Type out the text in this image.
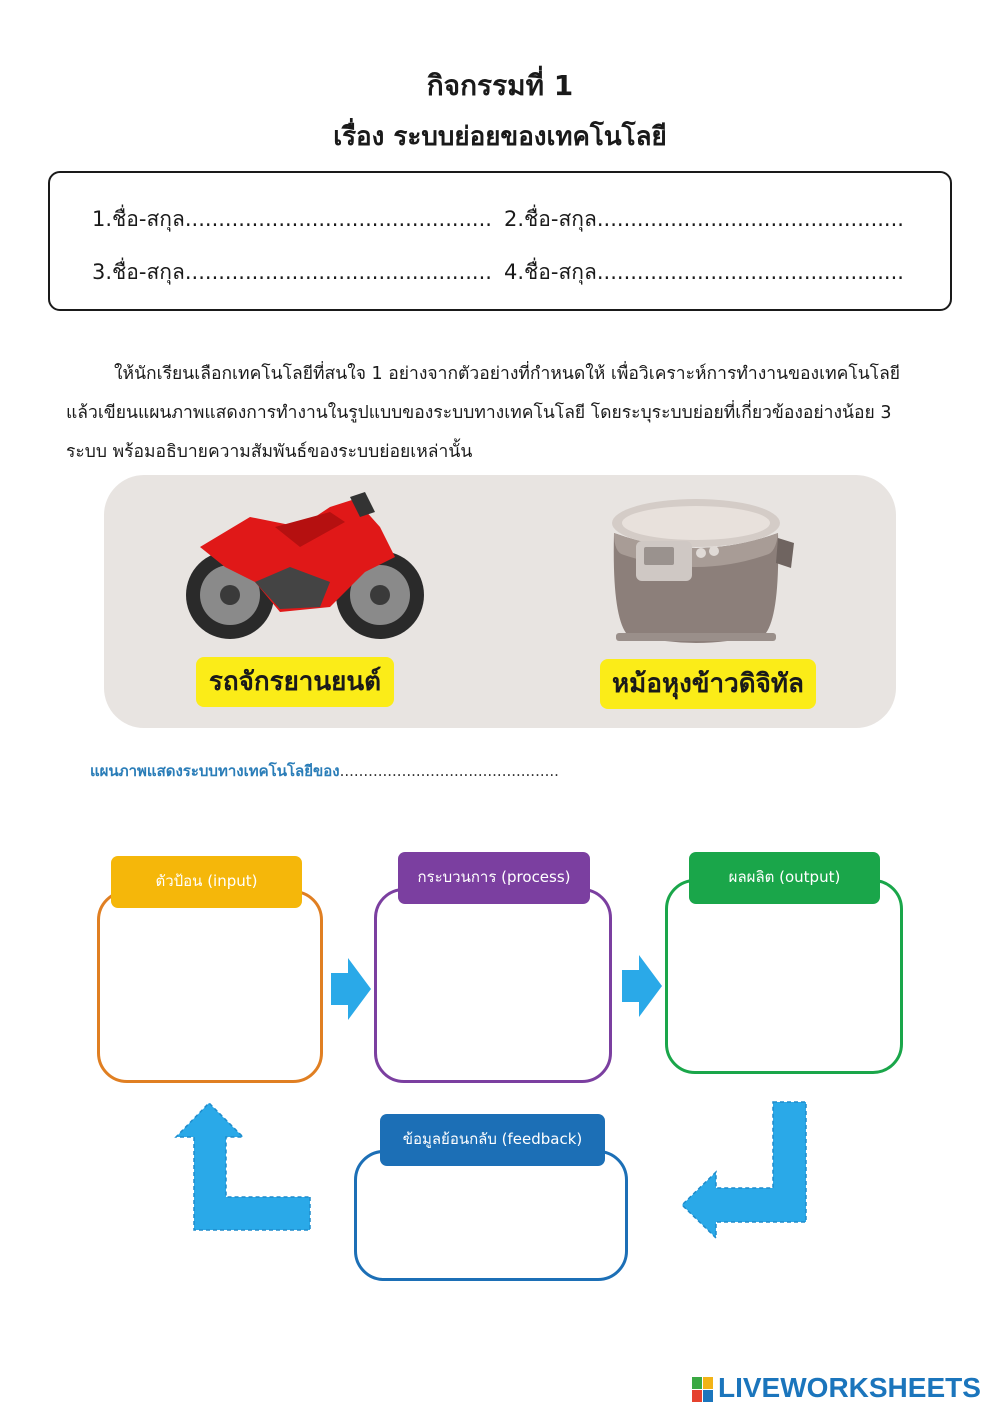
กิจกรรมที่ 1
เรื่อง ระบบย่อยของเทคโนโลยี
1.ชื่อ-สกุล.............................................. 2.ชื่อ-สกุล..............................................
3.ชื่อ-สกุล.............................................. 4.ชื่อ-สกุล..............................................
ให้นักเรียนเลือกเทคโนโลยีที่สนใจ 1 อย่างจากตัวอย่างที่กำหนดให้ เพื่อวิเคราะห์การทำงานของเทคโนโลยี
แล้วเขียนแผนภาพแสดงการทำงานในรูปแบบของระบบทางเทคโนโลยี โดยระบุระบบย่อยที่เกี่ยวข้องอย่างน้อย 3
ระบบ พร้อมอธิบายความสัมพันธ์ของระบบย่อยเหล่านั้น
รถจักรยานยนต์	หม้อหุงข้าวดิจิทัล
แผนภาพแสดงระบบทางเทคโนโลยีของ..............................................
ตัวป้อน (input)	กระบวนการ (process)	ผลผลิต (output)
ข้อมูลย้อนกลับ (feedback)
LIVEWORKSHEETS
